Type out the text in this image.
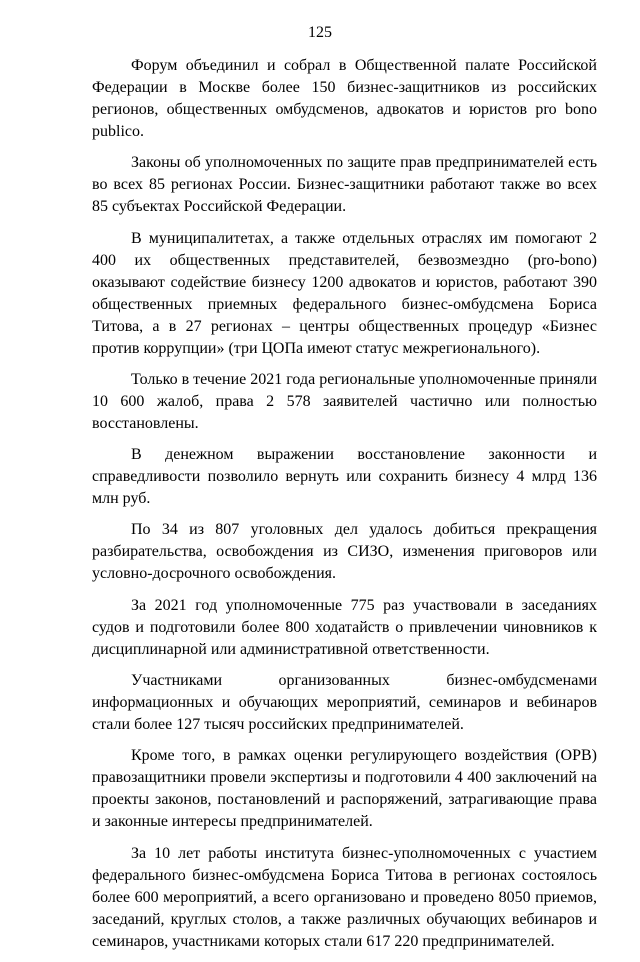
125

Форум объединил и собрал в Общественной палате Российской Федерации в Москве более 150 бизнес-защитников из российских регионов, общественных омбудсменов, адвокатов и юристов pro bono publico.

Законы об уполномоченных по защите прав предпринимателей есть во всех 85 регионах России. Бизнес-защитники работают также во всех 85 субъектах Российской Федерации.

В муниципалитетах, а также отдельных отраслях им помогают 2 400 их общественных представителей, безвозмездно (pro-bono) оказывают содействие бизнесу 1200 адвокатов и юристов, работают 390 общественных приемных федерального бизнес-омбудсмена Бориса Титова, а в 27 регионах – центры общественных процедур «Бизнес против коррупции» (три ЦОПа имеют статус межрегионального).

Только в течение 2021 года региональные уполномоченные приняли 10 600 жалоб, права 2 578 заявителей частично или полностью восстановлены.

В денежном выражении восстановление законности и справедливости позволило вернуть или сохранить бизнесу 4 млрд 136 млн руб.

По 34 из 807 уголовных дел удалось добиться прекращения разбирательства, освобождения из СИЗО, изменения приговоров или условно-досрочного освобождения.

За 2021 год уполномоченные 775 раз участвовали в заседаниях судов и подготовили более 800 ходатайств о привлечении чиновников к дисциплинарной или административной ответственности.

Участниками организованных бизнес-омбудсменами информационных и обучающих мероприятий, семинаров и вебинаров стали более 127 тысяч российских предпринимателей.

Кроме того, в рамках оценки регулирующего воздействия (ОРВ) правозащитники провели экспертизы и подготовили 4 400 заключений на проекты законов, постановлений и распоряжений, затрагивающие права и законные интересы предпринимателей.

За 10 лет работы института бизнес-уполномоченных с участием федерального бизнес-омбудсмена Бориса Титова в регионах состоялось более 600 мероприятий, а всего организовано и проведено 8050 приемов, заседаний, круглых столов, а также различных обучающих вебинаров и семинаров, участниками которых стали 617 220 предпринимателей.
